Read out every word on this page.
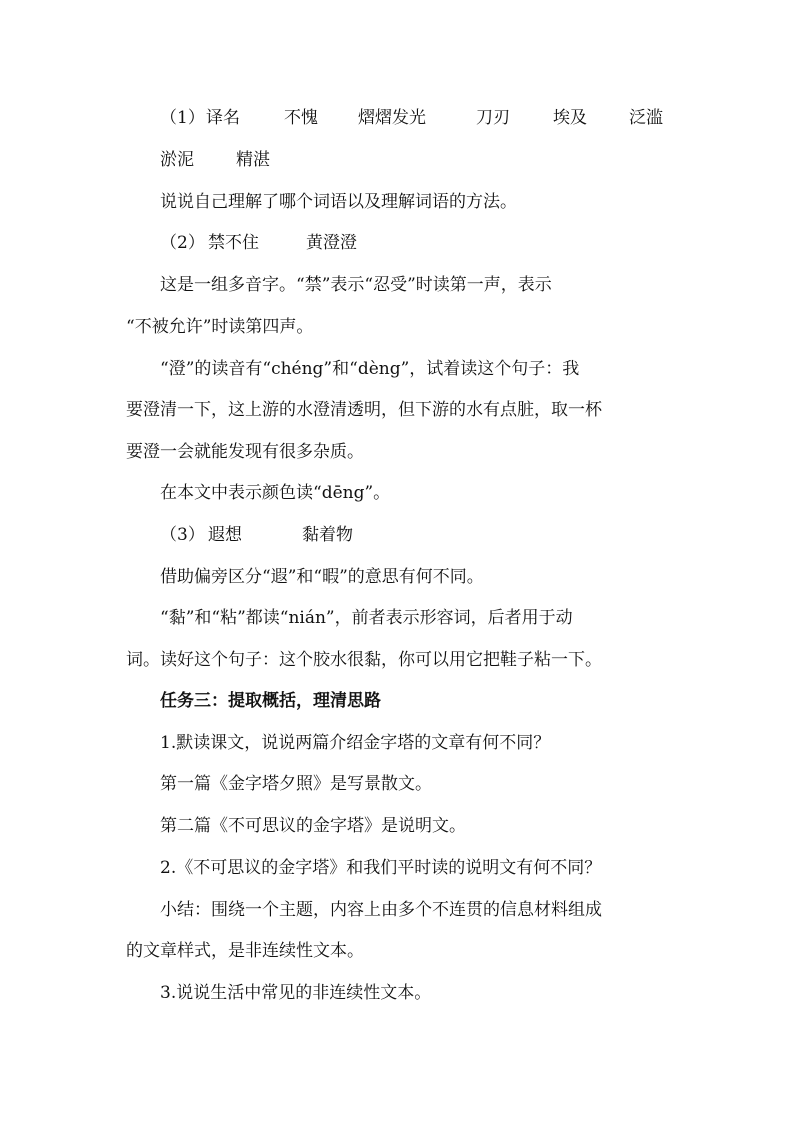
（1） 译名	不愧 熠熠发光	刀刃	埃及 泛滥
淤泥 精湛
说说自己理解了哪个词语以及理解词语的方法。
（2） 禁不住	黄澄澄
这是一组多音字。“禁”表示“忍受”时读第一声，表示
“不被允许”时读第四声。
“澄”的读音有“chéng”和“dèng”，试着读这个句子：我
要澄清一下，这上游的水澄清透明，但下游的水有点脏，取一杯
要澄一会就能发现有很多杂质。
在本文中表示颜色读“dēng”。
（3） 遐想	黏着物
借助偏旁区分“遐”和“暇”的意思有何不同。
“黏”和“粘”都读“nián”，前者表示形容词，后者用于动
词。读好这个句子：这个胶水很黏，你可以用它把鞋子粘一下。
任务三：提取概括，理清思路
1.默读课文，说说两篇介绍金字塔的文章有何不同？
第一篇《金字塔夕照》是写景散文。
第二篇《不可思议的金字塔》是说明文。
2.《不可思议的金字塔》和我们平时读的说明文有何不同？
小结：围绕一个主题，内容上由多个不连贯的信息材料组成
的文章样式，是非连续性文本。
3.说说生活中常见的非连续性文本。
